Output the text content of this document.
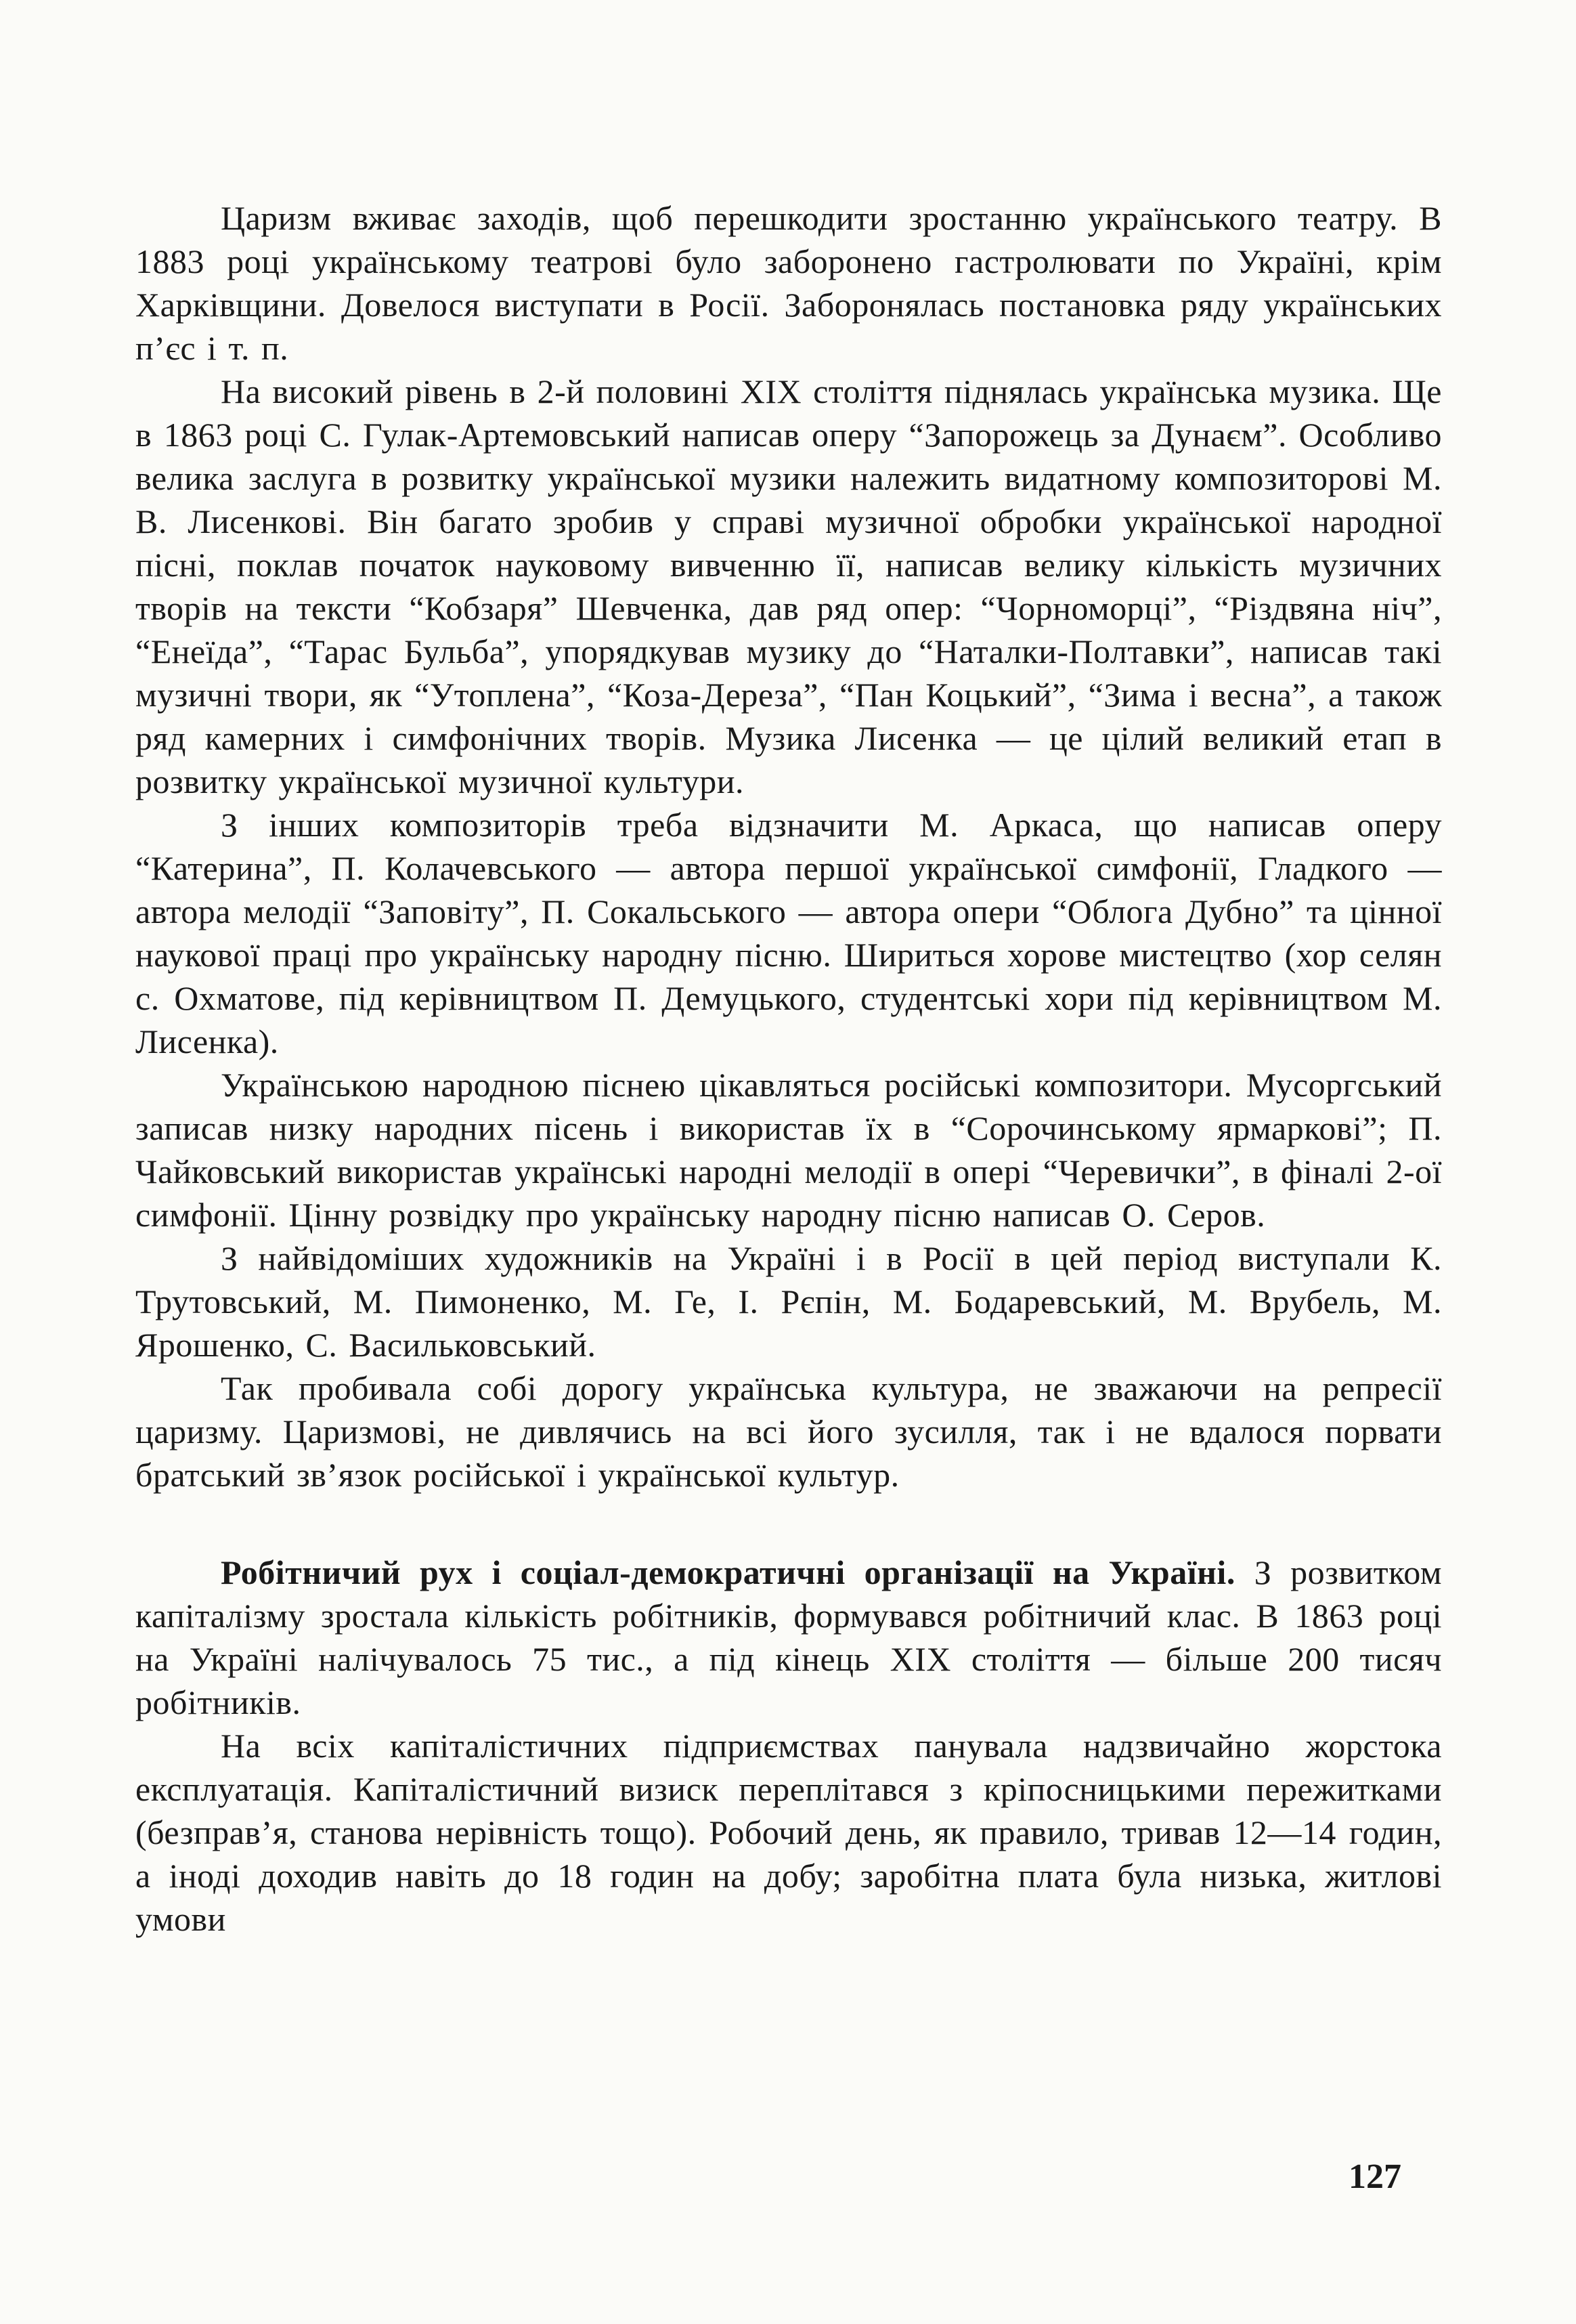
Царизм вживає заходів, щоб перешкодити зростанню українського театру. В 1883 році українському театрові було заборонено гастролювати по Україні, крім Харківщини. Довелося виступати в Росії. Заборонялась постановка ряду українських п’єс і т. п.

На високий рівень в 2-й половині XIX століття піднялась українська музика. Ще в 1863 році С. Гулак-Артемовський написав оперу “Запорожець за Дунаєм”. Особливо велика заслуга в розвитку української музики належить видатному композиторові М. В. Лисенкові. Він багато зробив у справі музичної обробки української народної пісні, поклав початок науковому вивченню її, написав велику кількість музичних творів на тексти “Кобзаря” Шевченка, дав ряд опер: “Чорноморці”, “Різдвяна ніч”, “Енеїда”, “Тарас Бульба”, упорядкував музику до “Наталки-Полтавки”, написав такі музичні твори, як “Утоплена”, “Коза-Дереза”, “Пан Коцький”, “Зима і весна”, а також ряд камерних і симфонічних творів. Музика Лисенка — це цілий великий етап в розвитку української музичної культури.

З інших композиторів треба відзначити М. Аркаса, що написав оперу “Катерина”, П. Колачевського — автора першої української симфонії, Гладкого — автора мелодії “Заповіту”, П. Сокальського — автора опери “Облога Дубно” та цінної наукової праці про українську народну пісню. Шириться хорове мистецтво (хор селян с. Охматове, під керівництвом П. Демуцького, студентські хори під керівництвом М. Лисенка).

Українською народною піснею цікавляться російські композитори. Мусоргський записав низку народних пісень і використав їх в “Сорочинському ярмаркові”; П. Чайковський використав українські народні мелодії в опері “Черевички”, в фіналі 2-ої симфонії. Цінну розвідку про українську народну пісню написав О. Серов.

З найвідоміших художників на Україні і в Росії в цей період виступали К. Трутовський, М. Пимоненко, М. Ге, І. Рєпін, М. Бодаревський, М. Врубель, М. Ярошенко, С. Васильковський.

Так пробивала собі дорогу українська культура, не зважаючи на репресії царизму. Царизмові, не дивлячись на всі його зусилля, так і не вдалося порвати братський зв’язок російської і української культур.

Робітничий рух і соціал-демократичні організації на Україні. З розвитком капіталізму зростала кількість робітників, формувався робітничий клас. В 1863 році на Україні налічувалось 75 тис., а під кінець XIX століття — більше 200 тисяч робітників.

На всіх капіталістичних підприємствах панувала надзвичайно жорстока експлуатація. Капіталістичний визиск переплітався з кріпосницькими пережитками (безправ’я, станова нерівність тощо). Робочий день, як правило, тривав 12—14 годин, а іноді доходив навіть до 18 годин на добу; заробітна плата була низька, житлові умови

127
